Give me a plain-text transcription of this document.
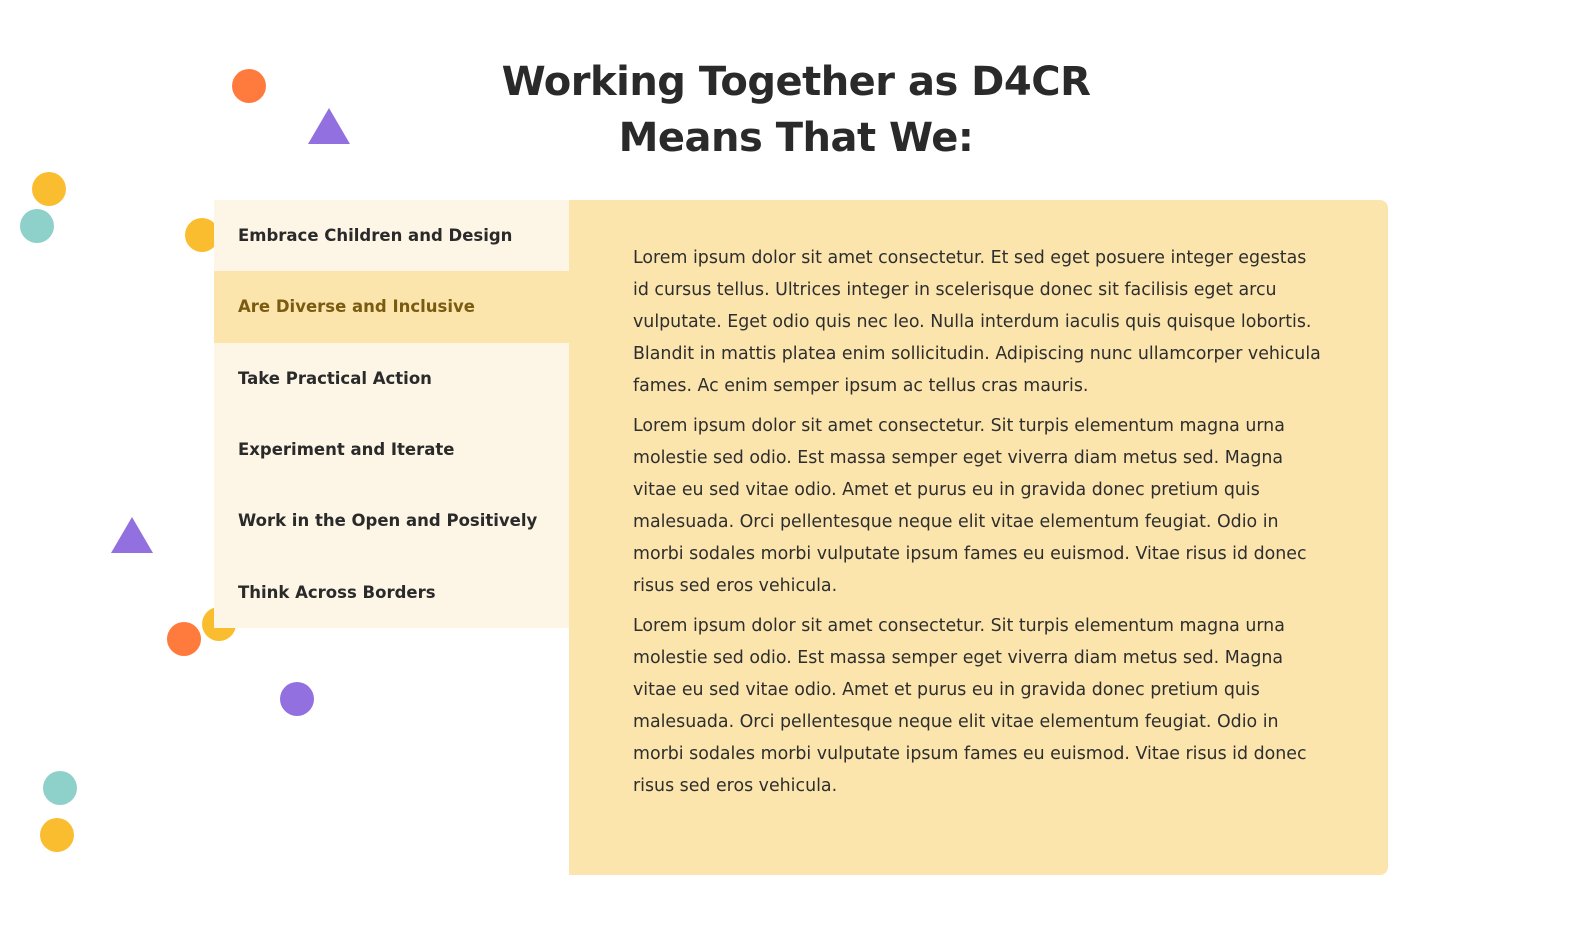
Working Together as D4CR
Means That We:
Embrace Children and Design
Are Diverse and Inclusive
Take Practical Action
Experiment and Iterate
Work in the Open and Positively
Think Across Borders

Lorem ipsum dolor sit amet consectetur. Et sed eget posuere integer egestas id cursus tellus. Ultrices integer in scelerisque donec sit facilisis eget arcu vulputate. Eget odio quis nec leo. Nulla interdum iaculis quis quisque lobortis. Blandit in mattis platea enim sollicitudin. Adipiscing nunc ullamcorper vehicula fames. Ac enim semper ipsum ac tellus cras mauris.

Lorem ipsum dolor sit amet consectetur. Sit turpis elementum magna urna molestie sed odio. Est massa semper eget viverra diam metus sed. Magna vitae eu sed vitae odio. Amet et purus eu in gravida donec pretium quis malesuada. Orci pellentesque neque elit vitae elementum feugiat. Odio in morbi sodales morbi vulputate ipsum fames eu euismod. Vitae risus id donec risus sed eros vehicula.

Lorem ipsum dolor sit amet consectetur. Sit turpis elementum magna urna molestie sed odio. Est massa semper eget viverra diam metus sed. Magna vitae eu sed vitae odio. Amet et purus eu in gravida donec pretium quis malesuada. Orci pellentesque neque elit vitae elementum feugiat. Odio in morbi sodales morbi vulputate ipsum fames eu euismod. Vitae risus id donec risus sed eros vehicula.
